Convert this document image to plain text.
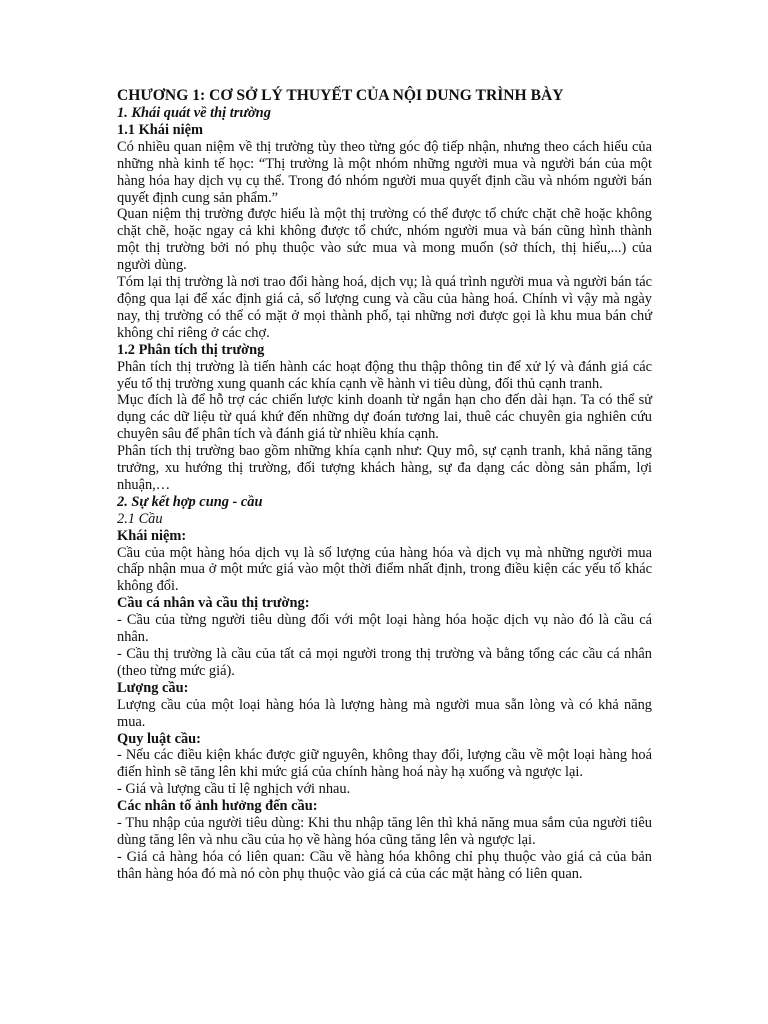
CHƯƠNG 1: CƠ SỞ LÝ THUYẾT CỦA NỘI DUNG TRÌNH BÀY

1. Khái quát về thị trường

1.1 Khái niệm

Có nhiều quan niệm về thị trường tùy theo từng góc độ tiếp nhận, nhưng theo cách hiểu của những nhà kinh tế học: “Thị trường là một nhóm những người mua và người bán của một hàng hóa hay dịch vụ cụ thể. Trong đó nhóm người mua quyết định cầu và nhóm người bán quyết định cung sản phẩm.”

Quan niệm thị trường được hiểu là một thị trường có thể được tổ chức chặt chẽ hoặc không chặt chẽ, hoặc ngay cả khi không được tổ chức, nhóm người mua và bán cũng hình thành một thị trường bởi nó phụ thuộc vào sức mua và mong muốn (sở thích, thị hiếu,...) của người dùng.

Tóm lại thị trường là nơi trao đổi hàng hoá, dịch vụ; là quá trình người mua và người bán tác động qua lại để xác định giá cả, số lượng cung và cầu của hàng hoá. Chính vì vậy mà ngày nay, thị trường có thể có mặt ở mọi thành phố, tại những nơi được gọi là khu mua bán chứ không chỉ riêng ở các chợ.

1.2 Phân tích thị trường

Phân tích thị trường là tiến hành các hoạt động thu thập thông tin để xử lý và đánh giá các yếu tố thị trường xung quanh các khía cạnh về hành vi tiêu dùng, đối thủ cạnh tranh.

Mục đích là để hỗ trợ các chiến lược kinh doanh từ ngắn hạn cho đến dài hạn. Ta có thể sử dụng các dữ liệu từ quá khứ đến những dự đoán tương lai, thuê các chuyên gia nghiên cứu chuyên sâu để phân tích và đánh giá từ nhiều khía cạnh.

Phân tích thị trường bao gồm những khía cạnh như: Quy mô, sự cạnh tranh, khả năng tăng trưởng, xu hướng thị trường, đối tượng khách hàng, sự đa dạng các dòng sản phẩm, lợi nhuận,…

2. Sự kết hợp cung - cầu

2.1 Cầu

Khái niệm:

Cầu của một hàng hóa dịch vụ là số lượng của hàng hóa và dịch vụ mà những người mua chấp nhận mua ở một mức giá vào một thời điểm nhất định, trong điều kiện các yếu tố khác không đổi.

Cầu cá nhân và cầu thị trường:

- Cầu của từng người tiêu dùng đối với một loại hàng hóa hoặc dịch vụ nào đó là cầu cá nhân.

- Cầu thị trường là cầu của tất cả mọi người trong thị trường và bằng tổng các cầu cá nhân (theo từng mức giá).

Lượng cầu:

Lượng cầu của một loại hàng hóa là lượng hàng mà người mua sẵn lòng và có khả năng mua.

Quy luật cầu:

- Nếu các điều kiện khác được giữ nguyên, không thay đổi, lượng cầu về một loại hàng hoá điển hình sẽ tăng lên khi mức giá của chính hàng hoá này hạ xuống và ngược lại.

- Giá và lượng cầu tỉ lệ nghịch với nhau.

Các nhân tố ảnh hưởng đến cầu:

- Thu nhập của người tiêu dùng: Khi thu nhập tăng lên thì khả năng mua sắm của người tiêu dùng tăng lên và nhu cầu của họ về hàng hóa cũng tăng lên và ngược lại.

- Giá cả hàng hóa có liên quan: Cầu về hàng hóa không chỉ phụ thuộc vào giá cả của bản thân hàng hóa đó mà nó còn phụ thuộc vào giá cả của các mặt hàng có liên quan.
